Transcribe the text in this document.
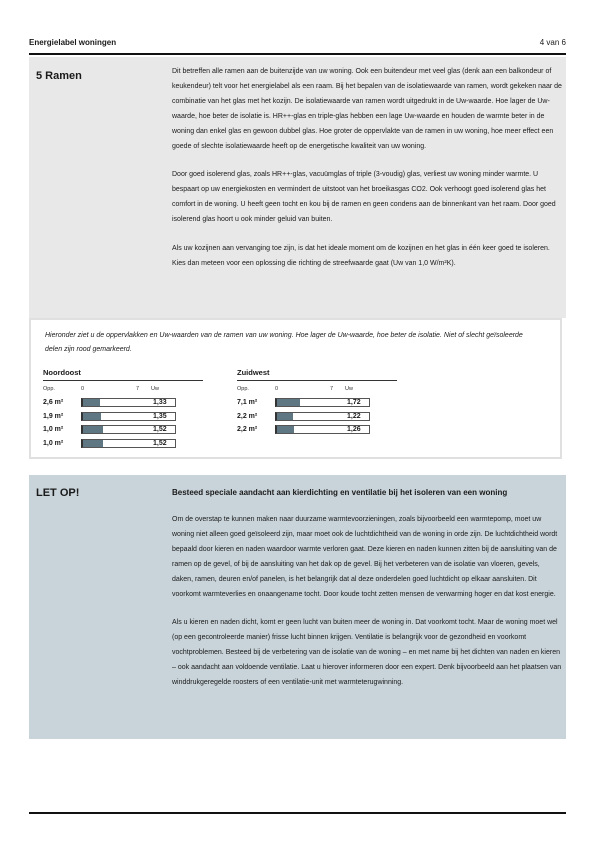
Energielabel woningen	4 van 6
5 Ramen	Dit betreffen alle ramen aan de buitenzijde van uw woning. Ook een buitendeur met veel glas (denk aan een balkondeur of keukendeur) telt voor het energielabel als een raam. Bij het bepalen van de isolatiewaarde van ramen, wordt gekeken naar de combinatie van het glas met het kozijn. De isolatiewaarde van ramen wordt uitgedrukt in de Uw-waarde. Hoe lager de Uw-waarde, hoe beter de isolatie is. HR++-glas en triple-glas hebben een lage Uw-waarde en houden de warmte beter in de woning dan enkel glas en gewoon dubbel glas. Hoe groter de oppervlakte van de ramen in uw woning, hoe meer effect een goede of slechte isolatiewaarde heeft op de energetische kwaliteit van uw woning.

Door goed isolerend glas, zoals HR++-glas, vacuümglas of triple (3-voudig) glas, verliest uw woning minder warmte. U bespaart op uw energiekosten en vermindert de uitstoot van het broeikasgas CO2. Ook verhoogt goed isolerend glas het comfort in de woning. U heeft geen tocht en kou bij de ramen en geen condens aan de binnenkant van het raam. Door goed isolerend glas hoort u ook minder geluid van buiten.

Als uw kozijnen aan vervanging toe zijn, is dat het ideale moment om de kozijnen en het glas in één keer goed te isoleren. Kies dan meteen voor een oplossing die richting de streefwaarde gaat (Uw van 1,0 W/m²K).

Hieronder ziet u de oppervlakken en Uw-waarden van de ramen van uw woning. Hoe lager de Uw-waarde, hoe beter de isolatie. Niet of slecht geïsoleerde delen zijn rood gemarkeerd.
Noordoost
Opp.	0	7 Uw
2,6 m²	1,33
1,9 m²	1,35
1,0 m²	1,52
1,0 m²	1,52
Zuidwest
Opp.	0	7 Uw
7,1 m²	1,72
2,2 m²	1,22
2,2 m²	1,26
LET OP!	Besteed speciale aandacht aan kierdichting en ventilatie bij het isoleren van een woning

Om de overstap te kunnen maken naar duurzame warmtevoorzieningen, zoals bijvoorbeeld een warmtepomp, moet uw woning niet alleen goed geïsoleerd zijn, maar moet ook de luchtdichtheid van de woning in orde zijn. De luchtdichtheid wordt bepaald door kieren en naden waardoor warmte verloren gaat. Deze kieren en naden kunnen zitten bij de aansluiting van de ramen op de gevel, of bij de aansluiting van het dak op de gevel. Bij het verbeteren van de isolatie van vloeren, gevels, daken, ramen, deuren en/of panelen, is het belangrijk dat al deze onderdelen goed luchtdicht op elkaar aansluiten. Dit voorkomt warmteverlies en onaangename tocht. Door koude tocht zetten mensen de verwarming hoger en dat kost energie.

Als u kieren en naden dicht, komt er geen lucht van buiten meer de woning in. Dat voorkomt tocht. Maar de woning moet wel (op een gecontroleerde manier) frisse lucht binnen krijgen. Ventilatie is belangrijk voor de gezondheid en voorkomt vochtproblemen. Besteed bij de verbetering van de isolatie van de woning – en met name bij het dichten van naden en kieren – ook aandacht aan voldoende ventilatie. Laat u hierover informeren door een expert. Denk bijvoorbeeld aan het plaatsen van winddrukgeregelde roosters of een ventilatie-unit met warmteterugwinning.
